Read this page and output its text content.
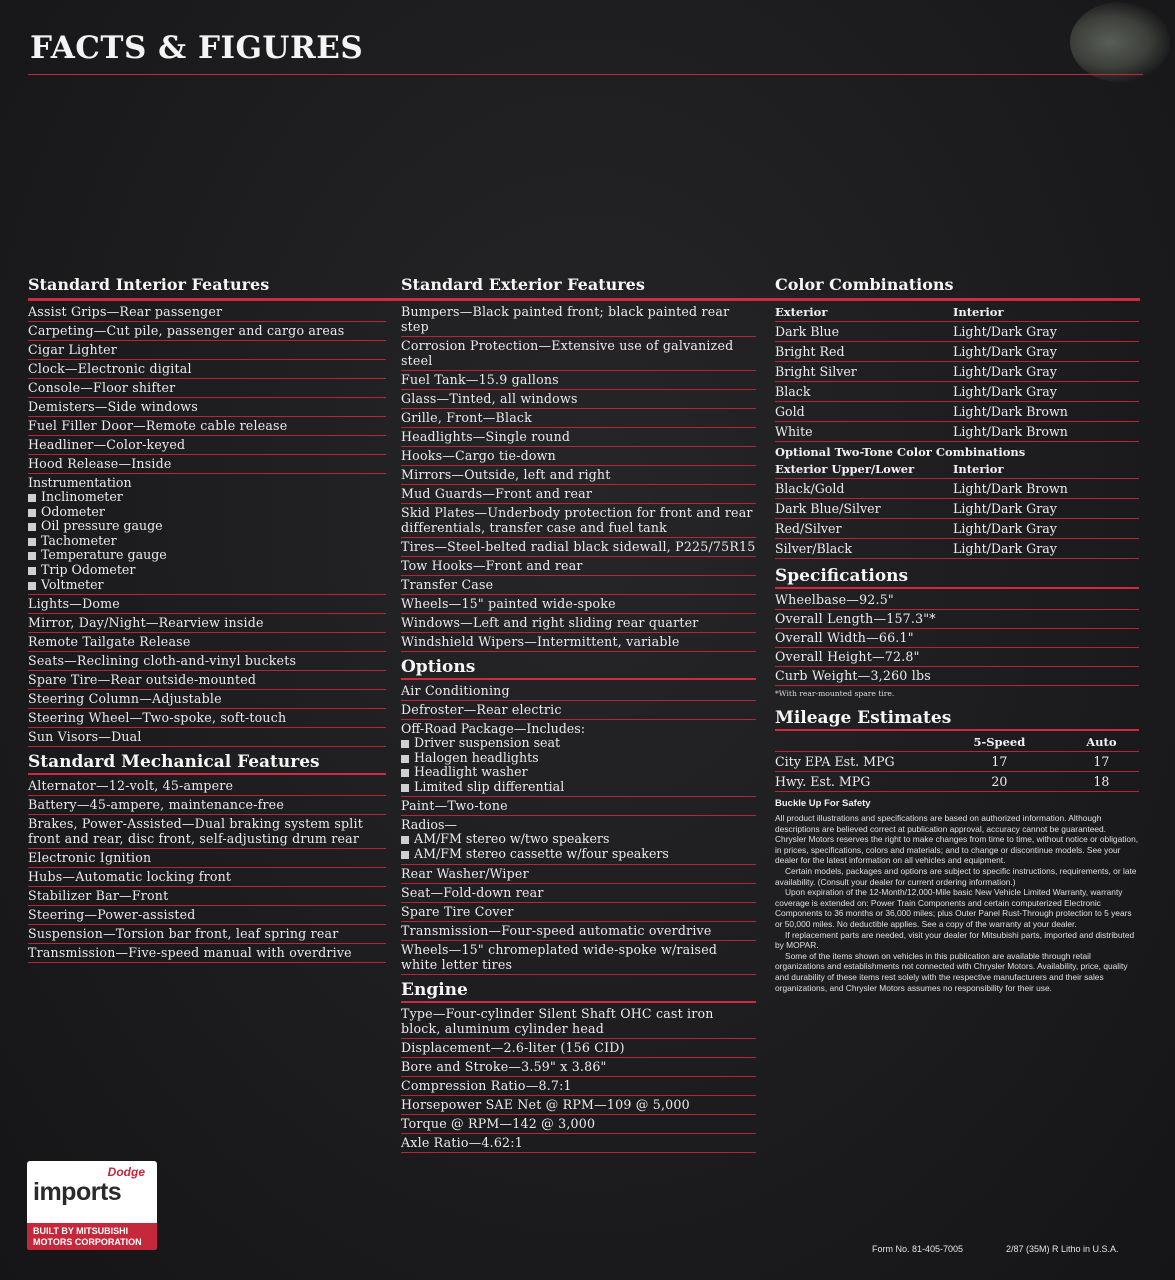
FACTS & FIGURES
Standard Interior Features
Assist Grips—Rear passenger
Carpeting—Cut pile, passenger and cargo areas
Cigar Lighter
Clock—Electronic digital
Console—Floor shifter
Demisters—Side windows
Fuel Filler Door—Remote cable release
Headliner—Color-keyed
Hood Release—Inside
Instrumentation
Inclinometer
Odometer
Oil pressure gauge
Tachometer
Temperature gauge
Trip Odometer
Voltmeter
Lights—Dome
Mirror, Day/Night—Rearview inside
Remote Tailgate Release
Seats—Reclining cloth-and-vinyl buckets
Spare Tire—Rear outside-mounted
Steering Column—Adjustable
Steering Wheel—Two-spoke, soft-touch
Sun Visors—Dual
Standard Mechanical Features
Alternator—12-volt, 45-ampere
Battery—45-ampere, maintenance-free
Brakes, Power-Assisted—Dual braking system split front and rear, disc front, self-adjusting drum rear
Electronic Ignition
Hubs—Automatic locking front
Stabilizer Bar—Front
Steering—Power-assisted
Suspension—Torsion bar front, leaf spring rear
Transmission—Five-speed manual with overdrive
Standard Exterior Features
Bumpers—Black painted front; black painted rear step
Corrosion Protection—Extensive use of galvanized steel
Fuel Tank—15.9 gallons
Glass—Tinted, all windows
Grille, Front—Black
Headlights—Single round
Hooks—Cargo tie-down
Mirrors—Outside, left and right
Mud Guards—Front and rear
Skid Plates—Underbody protection for front and rear differentials, transfer case and fuel tank
Tires—Steel-belted radial black sidewall, P225/75R15
Tow Hooks—Front and rear
Transfer Case
Wheels—15" painted wide-spoke
Windows—Left and right sliding rear quarter
Windshield Wipers—Intermittent, variable
Options
Air Conditioning
Defroster—Rear electric
Off-Road Package—Includes:
Driver suspension seat
Halogen headlights
Headlight washer
Limited slip differential
Paint—Two-tone
Radios—
AM/FM stereo w/two speakers
AM/FM stereo cassette w/four speakers
Rear Washer/Wiper
Seat—Fold-down rear
Spare Tire Cover
Transmission—Four-speed automatic overdrive
Wheels—15" chromeplated wide-spoke w/raised white letter tires
Engine
Type—Four-cylinder Silent Shaft OHC cast iron block, aluminum cylinder head
Displacement—2.6-liter (156 CID)
Bore and Stroke—3.59" x 3.86"
Compression Ratio—8.7:1
Horsepower SAE Net @ RPM—109 @ 5,000
Torque @ RPM—142 @ 3,000
Axle Ratio—4.62:1
Color Combinations
Exterior	Interior
Dark Blue	Light/Dark Gray
Bright Red	Light/Dark Gray
Bright Silver	Light/Dark Gray
Black	Light/Dark Gray
Gold	Light/Dark Brown
White	Light/Dark Brown
Optional Two-Tone Color Combinations
Exterior Upper/Lower	Interior
Black/Gold	Light/Dark Brown
Dark Blue/Silver	Light/Dark Gray
Red/Silver	Light/Dark Gray
Silver/Black	Light/Dark Gray
Specifications
Wheelbase—92.5"
Overall Length—157.3"*
Overall Width—66.1"
Overall Height—72.8"
Curb Weight—3,260 lbs
*With rear-mounted spare tire.
Mileage Estimates
	5-Speed	Auto
City EPA Est. MPG	17	17
Hwy. Est. MPG	20	18
Buckle Up For Safety

All product illustrations and specifications are based on authorized information. Although descriptions are believed correct at publication approval, accuracy cannot be guaranteed. Chrysler Motors reserves the right to make changes from time to time, without notice or obligation, in prices, specifications, colors and materials; and to change or discontinue models. See your dealer for the latest information on all vehicles and equipment.

Certain models, packages and options are subject to specific instructions, requirements, or late availability. (Consult your dealer for current ordering information.)

Upon expiration of the 12-Month/12,000-Mile basic New Vehicle Limited Warranty, warranty coverage is extended on: Power Train Components and certain computerized Electronic Components to 36 months or 36,000 miles; plus Outer Panel Rust-Through protection to 5 years or 50,000 miles. No deductible applies. See a copy of the warranty at your dealer.

If replacement parts are needed, visit your dealer for Mitsubishi parts, imported and distributed by MOPAR.

Some of the items shown on vehicles in this publication are available through retail organizations and establishments not connected with Chrysler Motors. Availability, price, quality and durability of these items rest solely with the respective manufacturers and their sales organizations, and Chrysler Motors assumes no responsibility for their use.

Dodge
imports
BUILT BY MITSUBISHI
MOTORS CORPORATION
Form No. 81-405-7005	2/87 (35M) R Litho in U.S.A.
